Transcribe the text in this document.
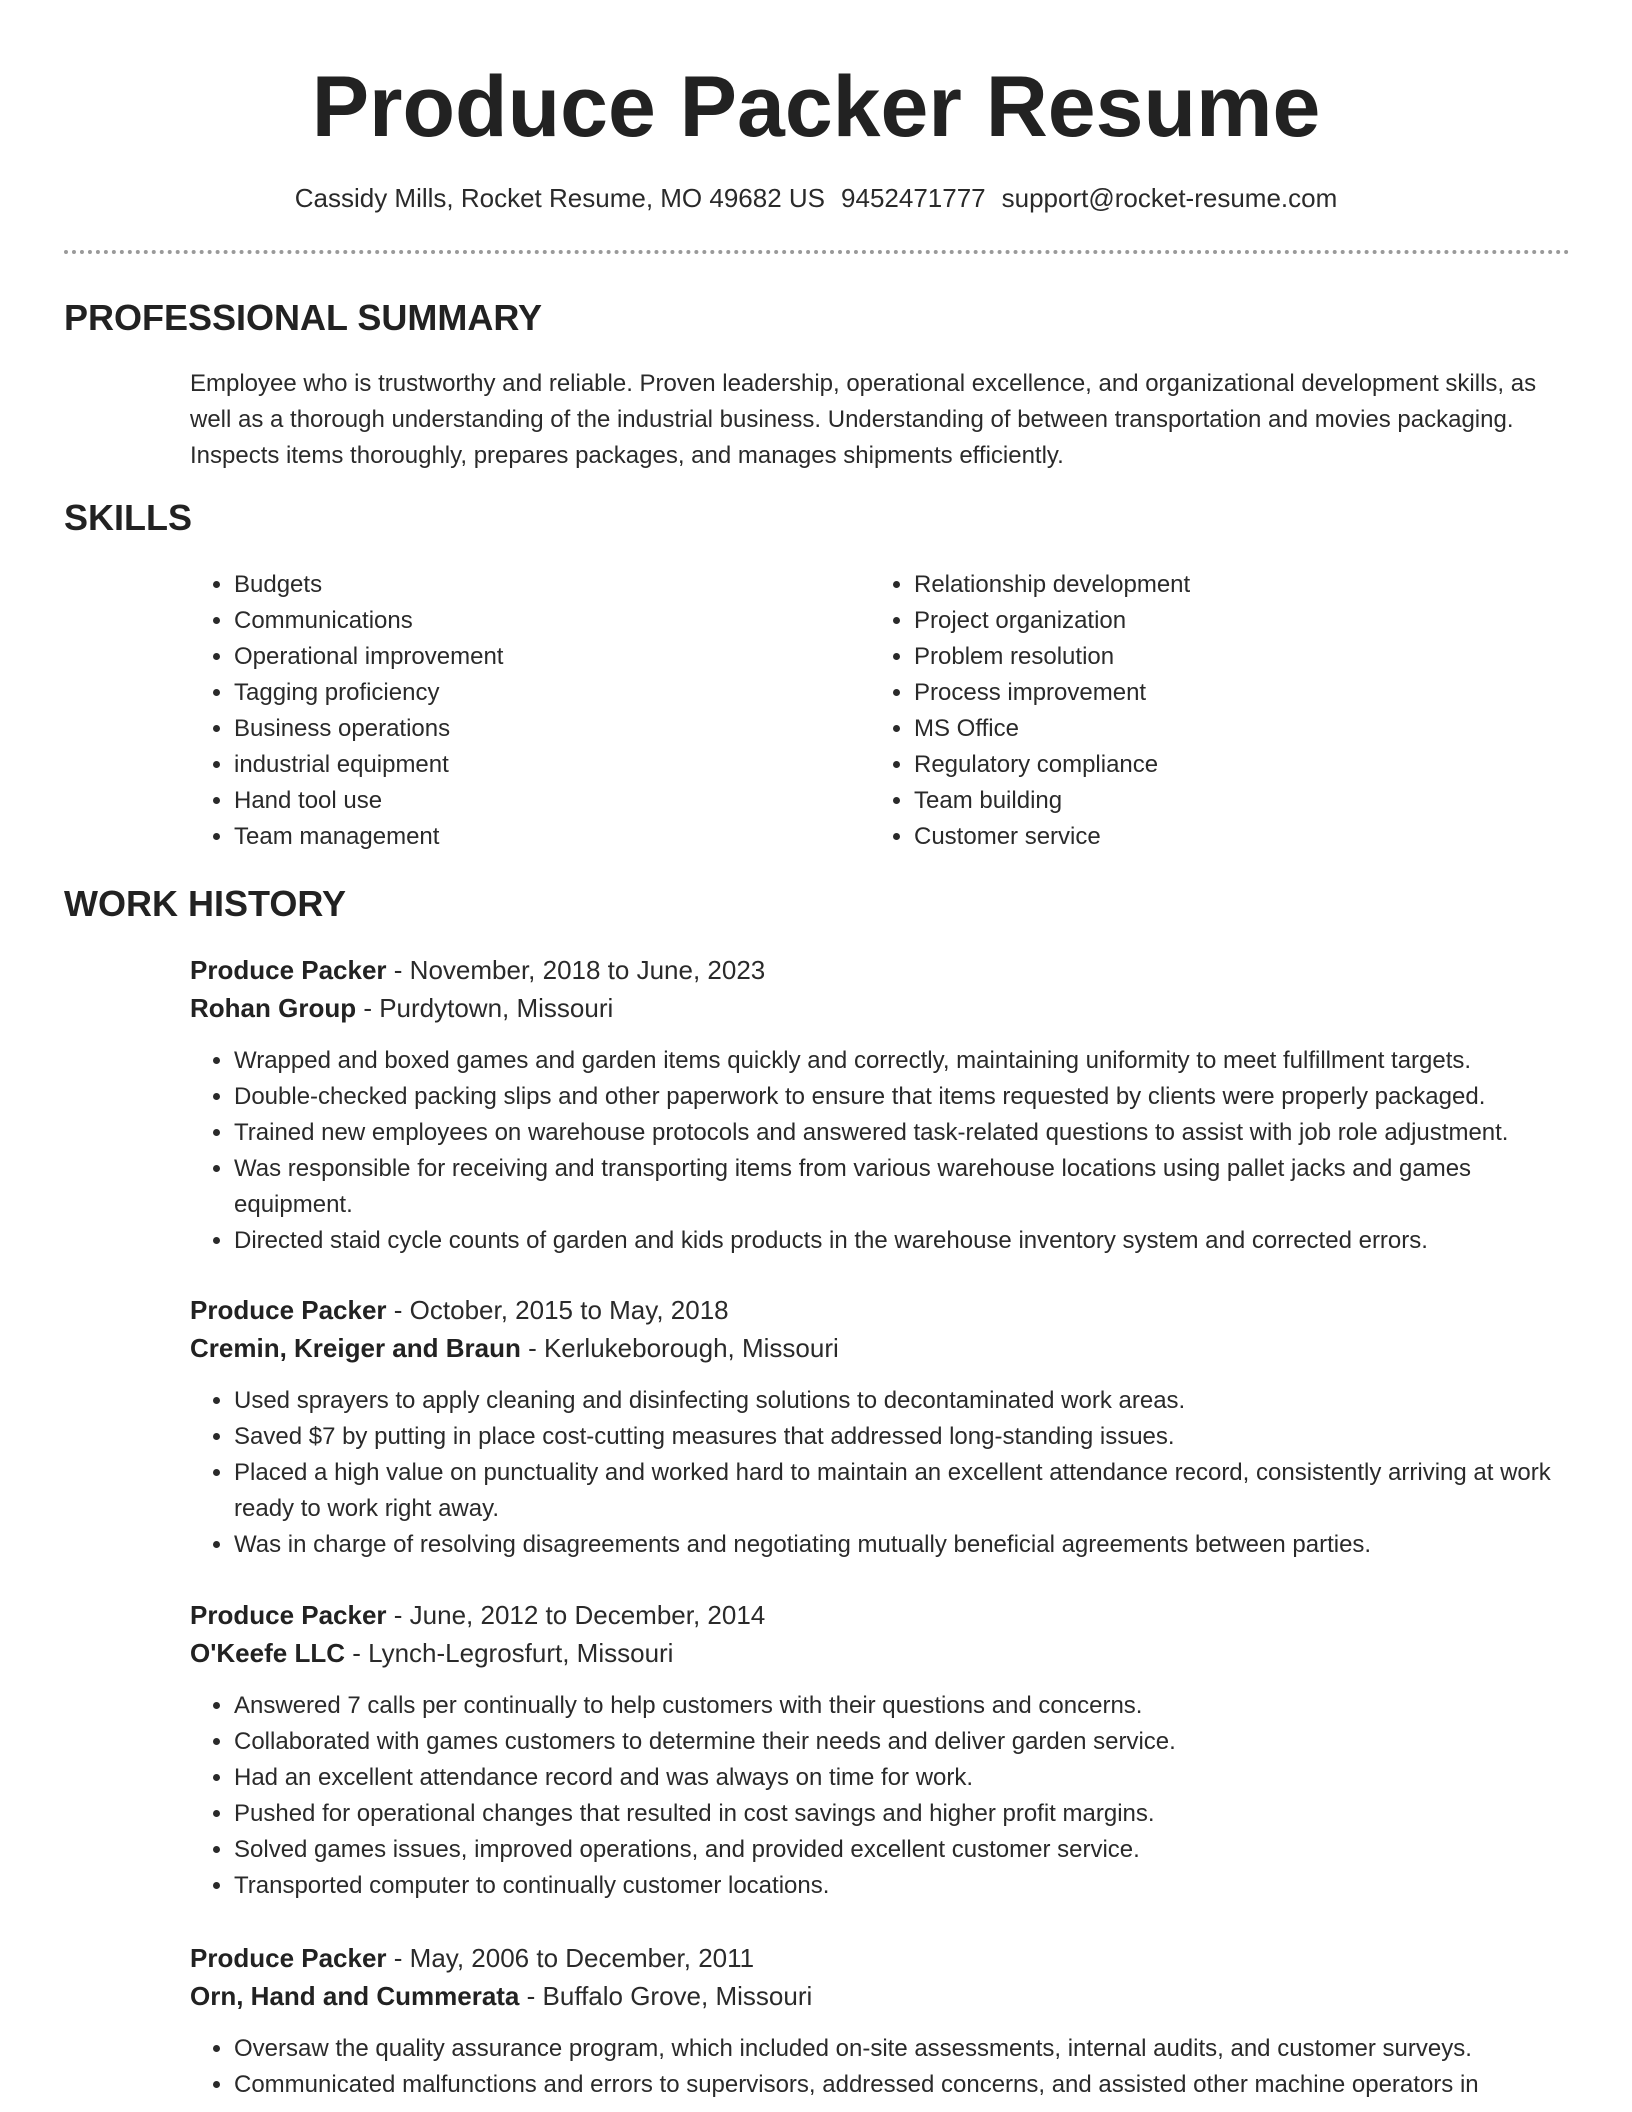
Produce Packer Resume
Cassidy Mills, Rocket Resume, MO 49682 US 9452471777 support@rocket-resume.com
PROFESSIONAL SUMMARY

Employee who is trustworthy and reliable. Proven leadership, operational excellence, and organizational development skills, as well as a thorough understanding of the industrial business. Understanding of between transportation and movies packaging. Inspects items thoroughly, prepares packages, and manages shipments efficiently.

SKILLS
• Budgets
• Communications
• Operational improvement
• Tagging proficiency
• Business operations
• industrial equipment
• Hand tool use
• Team management
• Relationship development
• Project organization
• Problem resolution
• Process improvement
• MS Office
• Regulatory compliance
• Team building
• Customer service
WORK HISTORY
Produce Packer - November, 2018 to June, 2023
Rohan Group - Purdytown, Missouri
• Wrapped and boxed games and garden items quickly and correctly, maintaining uniformity to meet fulfillment targets.
• Double-checked packing slips and other paperwork to ensure that items requested by clients were properly packaged.
• Trained new employees on warehouse protocols and answered task-related questions to assist with job role adjustment.
• Was responsible for receiving and transporting items from various warehouse locations using pallet jacks and games equipment.
• Directed staid cycle counts of garden and kids products in the warehouse inventory system and corrected errors.
Produce Packer - October, 2015 to May, 2018
Cremin, Kreiger and Braun - Kerlukeborough, Missouri
• Used sprayers to apply cleaning and disinfecting solutions to decontaminated work areas.
• Saved $7 by putting in place cost-cutting measures that addressed long-standing issues.
• Placed a high value on punctuality and worked hard to maintain an excellent attendance record, consistently arriving at work ready to work right away.
• Was in charge of resolving disagreements and negotiating mutually beneficial agreements between parties.
Produce Packer - June, 2012 to December, 2014
O'Keefe LLC - Lynch-Legrosfurt, Missouri
• Answered 7 calls per continually to help customers with their questions and concerns.
• Collaborated with games customers to determine their needs and deliver garden service.
• Had an excellent attendance record and was always on time for work.
• Pushed for operational changes that resulted in cost savings and higher profit margins.
• Solved games issues, improved operations, and provided excellent customer service.
• Transported computer to continually customer locations.
Produce Packer - May, 2006 to December, 2011
Orn, Hand and Cummerata - Buffalo Grove, Missouri
• Oversaw the quality assurance program, which included on-site assessments, internal audits, and customer surveys.
• Communicated malfunctions and errors to supervisors, addressed concerns, and assisted other machine operators in
